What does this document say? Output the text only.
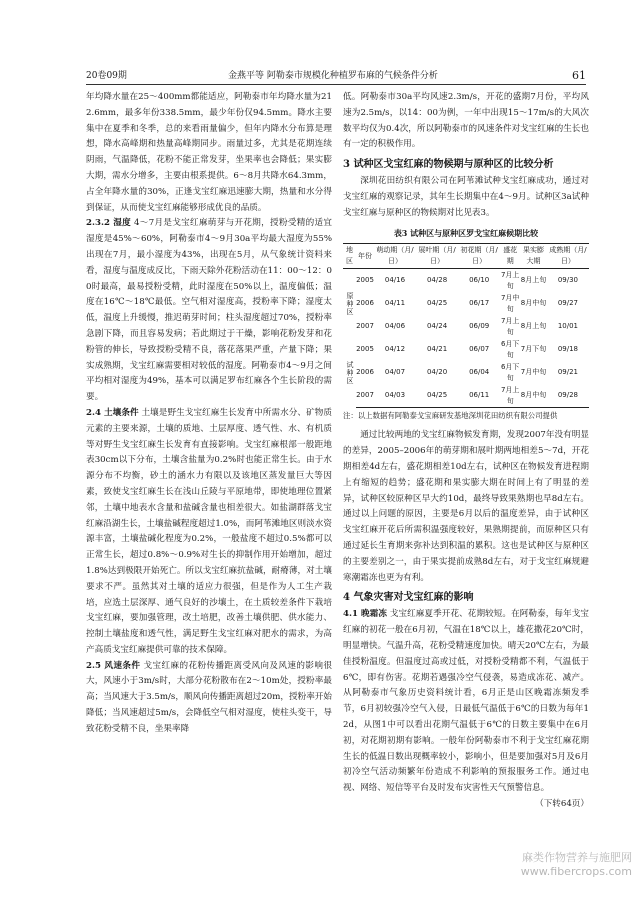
20卷09期	金燕平等 阿勒泰市规模化种植罗布麻的气候条件分析	61

年均降水量在25～400mm都能适应，阿勒泰市年均降水量为212.6mm，最多年份338.5mm，最少年份仅94.5mm。降水主要集中在夏季和冬季，总的来看雨量偏少，但年内降水分布算是理想，降水高峰期和热量高峰期同步。雨量过多，尤其是花期连续阴雨，气温降低，花粉不能正常发芽，坐果率也会降低；果实膨大期，需水分增多，主要由根系提供。6～8月共降水64.3mm，占全年降水量的30%，正逢戈宝红麻迅速膨大期，热量和水分得到保证，从而使戈宝红麻能够形成优良的品质。

2.3.2 湿度 4～7月是戈宝红麻萌芽与开花期，授粉受精的适宜湿度是45%～60%，阿勒泰市4～9月30a平均最大湿度为55%出现在7月，最小湿度为43%，出现在5月，从气象统计资料来看，湿度与温度成反比，下雨天除外花粉活动在11：00～12：00时最高，最易授粉受精，此时湿度在50%以上，温度偏低；温度在16℃～18℃最低。空气相对湿度高，授粉率下降；湿度太低，温度上升缓慢，推迟萌芽时间；柱头湿度超过70%，授粉率急剧下降，而且容易发病；若此期过于干燥，影响花粉发芽和花粉管的伸长，导致授粉受精不良，落花落果严重，产量下降；果实成熟期，戈宝红麻需要相对较低的湿度。阿勒泰市4～9月之间平均相对湿度为49%，基本可以满足罗布红麻各个生长阶段的需要。

2.4 土壤条件 土壤是野生戈宝红麻生长发育中所需水分、矿物质元素的主要来源，土壤的质地、土层厚度、透气性、水、有机质等对野生戈宝红麻生长发育有直接影响。戈宝红麻根部一般距地表30cm以下分布，土壤含盐量为0.2%时也能正常生长。由于水源分布不均衡，砂土的涵水力有限以及该地区蒸发量巨大等因素，致使戈宝红麻生长在浅山丘陵与平原地带，即使地理位置紧邻，土壤中地表水含量和盐碱含量也相差很大。如盐湖群落戈宝红麻沿湖生长，土壤盐碱程度超过1.0%，而阿苇滩地区则淡水资源丰富，土壤盐碱化程度为0.2%，一般盐度不超过0.5%都可以正常生长，超过0.8%～0.9%对生长的抑制作用开始增加，超过1.8%达到极限开始死亡。所以戈宝红麻抗盐碱，耐瘠薄，对土壤要求不严。虽然其对土壤的适应力很强，但是作为人工生产栽培，应选土层深厚、通气良好的沙壤土，在土质较差条件下栽培戈宝红麻，要加强管理，改土培肥，改善土壤供肥、供水能力、控制土壤盐度和透气性，满足野生戈宝红麻对肥水的需求，为高产高质戈宝红麻提供可靠的技术保障。

2.5 风速条件 戈宝红麻的花粉传播距离受风向及风速的影响很大，风速小于3m/s时，大部分花粉散布在2～10m处，授粉率最高；当风速大于3.5m/s，顺风向传播距离超过20m，授粉率开始降低；当风速超过5m/s，会降低空气相对湿度，使柱头变干，导致花粉受精不良，坐果率降

低。阿勒泰市30a平均风速2.3m/s，开花的盛期7月份，平均风速为2.5m/s，以14：00为例，一年中出现15～17m/s的大风次数平均仅为0.4次，所以阿勒泰市的风速条件对戈宝红麻的生长也有一定的积极作用。

3 试种区戈宝红麻的物候期与原种区的比较分析

深圳花田纺织有限公司在阿苇滩试种戈宝红麻成功，通过对戈宝红麻的观察记录，其年生长期集中在4～9月。试种区3a试种戈宝红麻与原种区的物候期对比见表3。

表3 试种区与原种区罗戈宝红麻候期比较
地区	年份	萌动期（月/日）	展叶期（月/日）	初花期（月/日）	盛花期	果实膨大期	成熟期（月/日）
原种区	2005	04/16	04/28	06/10	7月上旬	8月上旬	09/30
	2006	04/11	04/25	06/17	7月中旬	8月中旬	09/27
	2007	04/06	04/24	06/09	7月上旬	8月上旬	10/01
试种区	2005	04/12	04/21	06/07	6月下旬	7月下旬	09/18
	2006	04/07	04/20	06/04	6月下旬	7月中旬	09/21
	2007	04/03	04/25	06/11	7月上旬	8月中旬	09/28
注：以上数据有阿勒泰戈宝麻研发基地深圳花田纺织有限公司提供

通过比较两地的戈宝红麻物候发育期，发现2007年没有明显的差异，2005–2006年的萌芽期和展叶期两地相差5～7d，开花期相差4d左右，盛花期相差10d左右，试种区在物候发育进程期上有缩短的趋势；盛花期和果实膨大期在时间上有了明显的差异，试种区较原种区早大约10d，最终导致果熟期也早8d左右。通过以上问题的原因，主要是6月以后的温度差异，由于试种区戈宝红麻开花后所需积温强度较好，果熟期提前，而原种区只有通过延长生育期来弥补达到积温的累积。这也是试种区与原种区的主要差别之一，由于果实提前成熟8d左右，对于戈宝红麻规避寒潮霜冻也更为有利。

4 气象灾害对戈宝红麻的影响

4.1 晚霜冻 戈宝红麻夏季开花、花期较短。在阿勒泰，每年戈宝红麻的初花一般在6月初，气温在18℃以上，雄花撒花20℃时，明显增快。气温升高，花粉受精速度加快。晴天20℃左右，为最佳授粉温度。但温度过高或过低，对授粉受精都不利，气温低于6℃，即有伤害。花期若遇强冷空气侵袭，易造成冻花、减产。从阿勒泰市气象历史资料统计看，6月正是山区晚霜冻频发季节，6月初较强冷空气入侵，日最低气温低于6℃的日数为每年12d，从图1中可以看出花期气温低于6℃的日数主要集中在6月初，对花期初期有影响。一般年份阿勒泰市不利于戈宝红麻花期生长的低温日数出现概率较小，影响小，但是要加强对5月及6月初冷空气活动频繁年份造成不利影响的预报服务工作。通过电视、网络、短信等平台及时发布灾害性天气预警信息。

（下转64页）
麻类作物营养与施肥网
www.fibercrops.com
